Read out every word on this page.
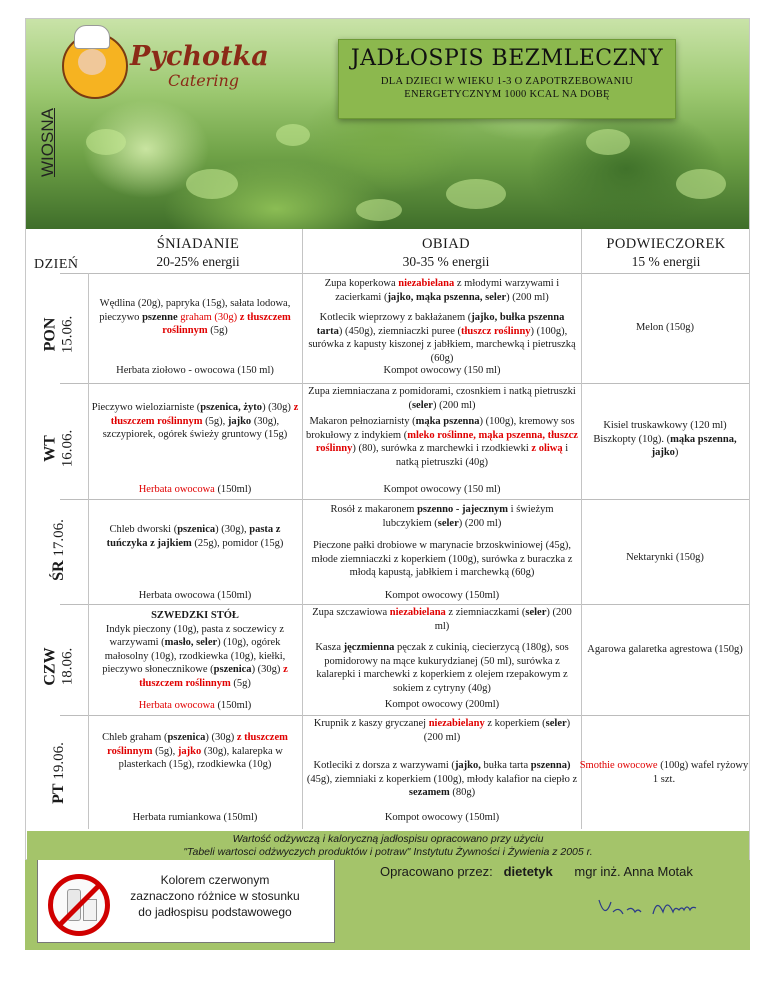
Pychotka
Catering
JADŁOSPIS BEZMLECZNY
DLA DZIECI W WIEKU 1-3 O ZAPOTRZEBOWANIU
ENERGETYCZNYM 1000 KCAL NA DOBĘ
WIOSNA
DZIEŃ
ŚNIADANIE
20-25% energii
OBIAD
30-35 % energii
PODWIECZOREK
15 % energii
PON 15.06.
WT 16.06.
ŚR 17.06.
CZW 18.06.
PT 19.06.
Wędlina (20g), papryka (15g), sałata lodowa, pieczywo pszenne graham (30g) z tłuszczem roślinnym (5g)
Herbata ziołowo - owocowa (150 ml)
Zupa koperkowa niezabielana z młodymi warzywami i zacierkami (jajko, mąka pszenna, seler) (200 ml)
Kotlecik wieprzowy z bakłażanem (jajko, bułka pszenna tarta) (450g), ziemniaczki puree (tłuszcz roślinny) (100g), surówka z kapusty kiszonej z jabłkiem, marchewką i pietruszką (60g)
Kompot owocowy (150 ml)
Melon (150g)
Pieczywo wieloziarniste (pszenica, żyto) (30g) z tłuszczem roślinnym (5g), jajko (30g), szczypiorek, ogórek świeży gruntowy (15g)
Herbata owocowa (150ml)
Zupa ziemniaczana z pomidorami, czosnkiem i natką pietruszki (seler) (200 ml)
Makaron pełnoziarnisty (mąka pszenna) (100g), kremowy sos brokułowy z indykiem (mleko roślinne, mąka pszenna, tłuszcz roślinny) (80), surówka z marchewki i rzodkiewki z oliwą i natką pietruszki (40g)
Kompot owocowy (150 ml)
Kisiel truskawkowy (120 ml) Biszkopty (10g). (mąka pszenna, jajko)
Chleb dworski (pszenica) (30g), pasta z tuńczyka z jajkiem (25g), pomidor (15g)
Herbata owocowa (150ml)
Rosół z makaronem pszenno - jajecznym i świeżym lubczykiem (seler) (200 ml)
Pieczone pałki drobiowe w marynacie brzoskwiniowej (45g), młode ziemniaczki z koperkiem (100g), surówka z buraczka z młodą kapustą, jabłkiem i marchewką (60g)
Kompot owocowy (150ml)
Nektarynki (150g)
SZWEDZKI STÓŁ
Indyk pieczony (10g), pasta z soczewicy z warzywami (masło, seler) (10g), ogórek małosolny (10g), rzodkiewka (10g), kiełki, pieczywo słonecznikowe (pszenica) (30g) z tłuszczem roślinnym (5g)
Herbata owocowa (150ml)
Zupa szczawiowa niezabielana z ziemniaczkami (seler) (200 ml)
Kasza jęczmienna pęczak z cukinią, ciecierzycą (180g), sos pomidorowy na mące kukurydzianej (50 ml), surówka z kalarepki i marchewki z koperkiem z olejem rzepakowym z sokiem z cytryny (40g)
Kompot owocowy (200ml)
Agarowa galaretka agrestowa (150g)
Chleb graham (pszenica) (30g) z tłuszczem roślinnym (5g), jajko (30g), kalarepka w plasterkach (15g), rzodkiewka (10g)
Herbata rumiankowa (150ml)
Krupnik z kaszy gryczanej niezabielany z koperkiem (seler) (200 ml)
Kotleciki z dorsza z warzywami (jajko, bułka tarta pszenna) (45g), ziemniaki z koperkiem (100g), młody kalafior na ciepło z sezamem (80g)
Kompot owocowy (150ml)
Smothie owocowe (100g) wafel ryżowy 1 szt.
Wartość odżywczą i kaloryczną jadłospisu opracowano przy użyciu
"Tabeli wartosci odżwyczych produktów i potraw" Instytutu Żywności i Żywienia z 2005 r.
Kolorem czerwonym zaznaczono różnice w stosunku do jadłospisu podstawowego
Opracowano przez: dietetyk mgr inż. Anna Motak
